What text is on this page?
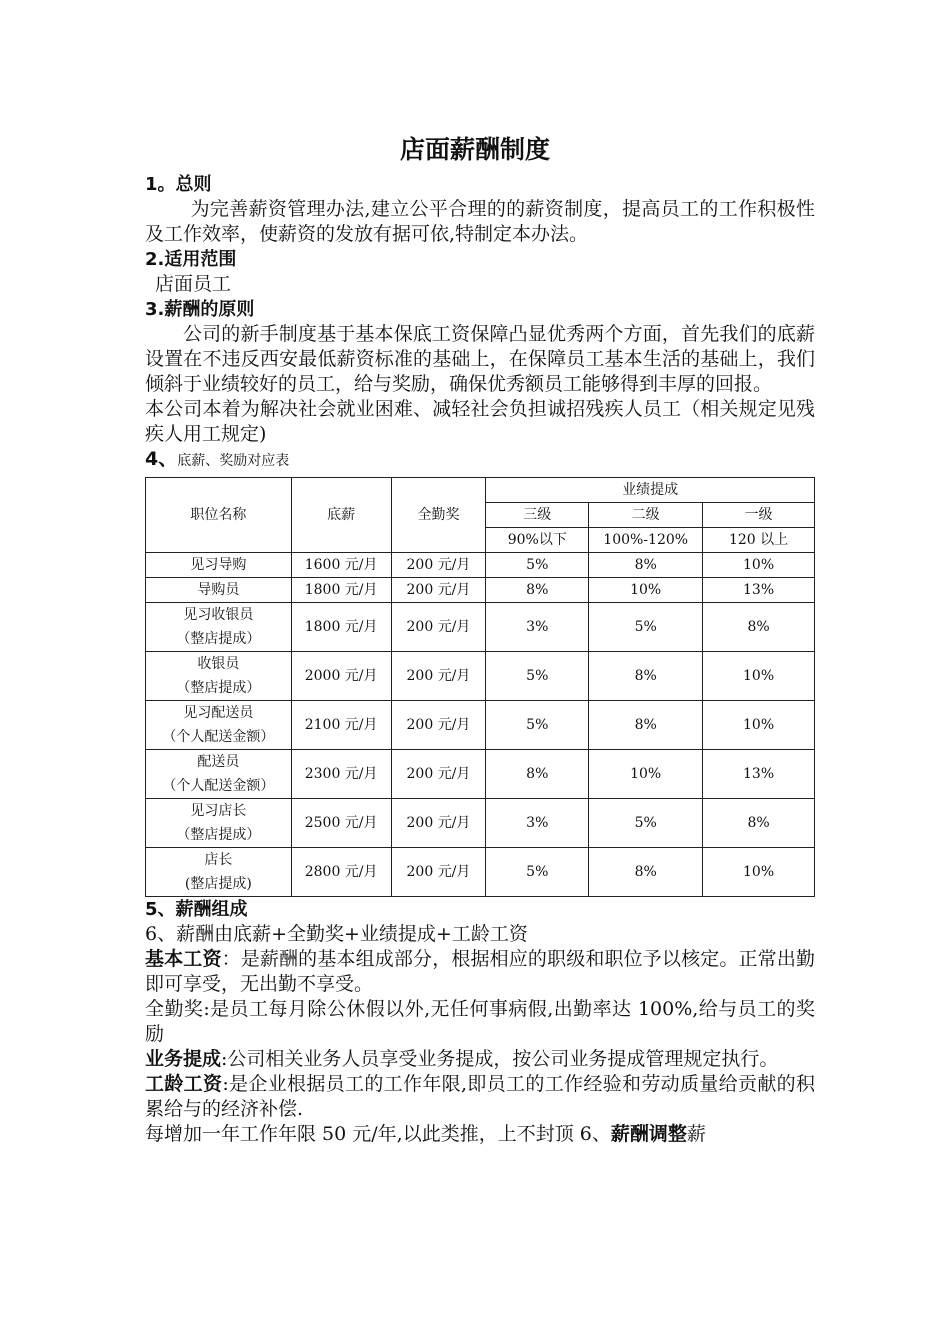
店面薪酬制度
1。总则

为完善薪资管理办法,建立公平合理的的薪资制度，提高员工的工作积极性及工作效率，使薪资的发放有据可依,特制定本办法。

2.适用范围

店面员工

3.薪酬的原则

公司的新手制度基于基本保底工资保障凸显优秀两个方面，首先我们的底薪设置在不违反西安最低薪资标准的基础上，在保障员工基本生活的基础上，我们倾斜于业绩较好的员工，给与奖励，确保优秀额员工能够得到丰厚的回报。

本公司本着为解决社会就业困难、减轻社会负担诚招残疾人员工（相关规定见残疾人用工规定)

4、底薪、奖励对应表
职位名称	底薪	全勤奖	业绩提成		
			三级	二级	一级
			90%以下	100%-120%	120 以上
见习导购	1600 元/月	200 元/月	5%	8%	10%
导购员	1800 元/月	200 元/月	8%	10%	13%

见习收银员
（整店提成）	1800 元/月	200 元/月	3%	5%	8%

收银员
（整店提成）	2000 元/月	200 元/月	5%	8%	10%

见习配送员
（个人配送金额）	2100 元/月	200 元/月	5%	8%	10%

配送员
（个人配送金额）	2300 元/月	200 元/月	8%	10%	13%

见习店长
（整店提成）	2500 元/月	200 元/月	3%	5%	8%

店长
(整店提成)	2800 元/月	200 元/月	5%	8%	10%
5、薪酬组成

6、薪酬由底薪+全勤奖+业绩提成+工龄工资

基本工资：是薪酬的基本组成部分，根据相应的职级和职位予以核定。正常出勤即可享受，无出勤不享受。

全勤奖:是员工每月除公休假以外,无任何事病假,出勤率达 100%,给与员工的奖励

业务提成:公司相关业务人员享受业务提成，按公司业务提成管理规定执行。

工龄工资:是企业根据员工的工作年限,即员工的工作经验和劳动质量给贡献的积累给与的经济补偿.

每增加一年工作年限 50 元/年,以此类推，上不封顶 6、薪酬调整薪
